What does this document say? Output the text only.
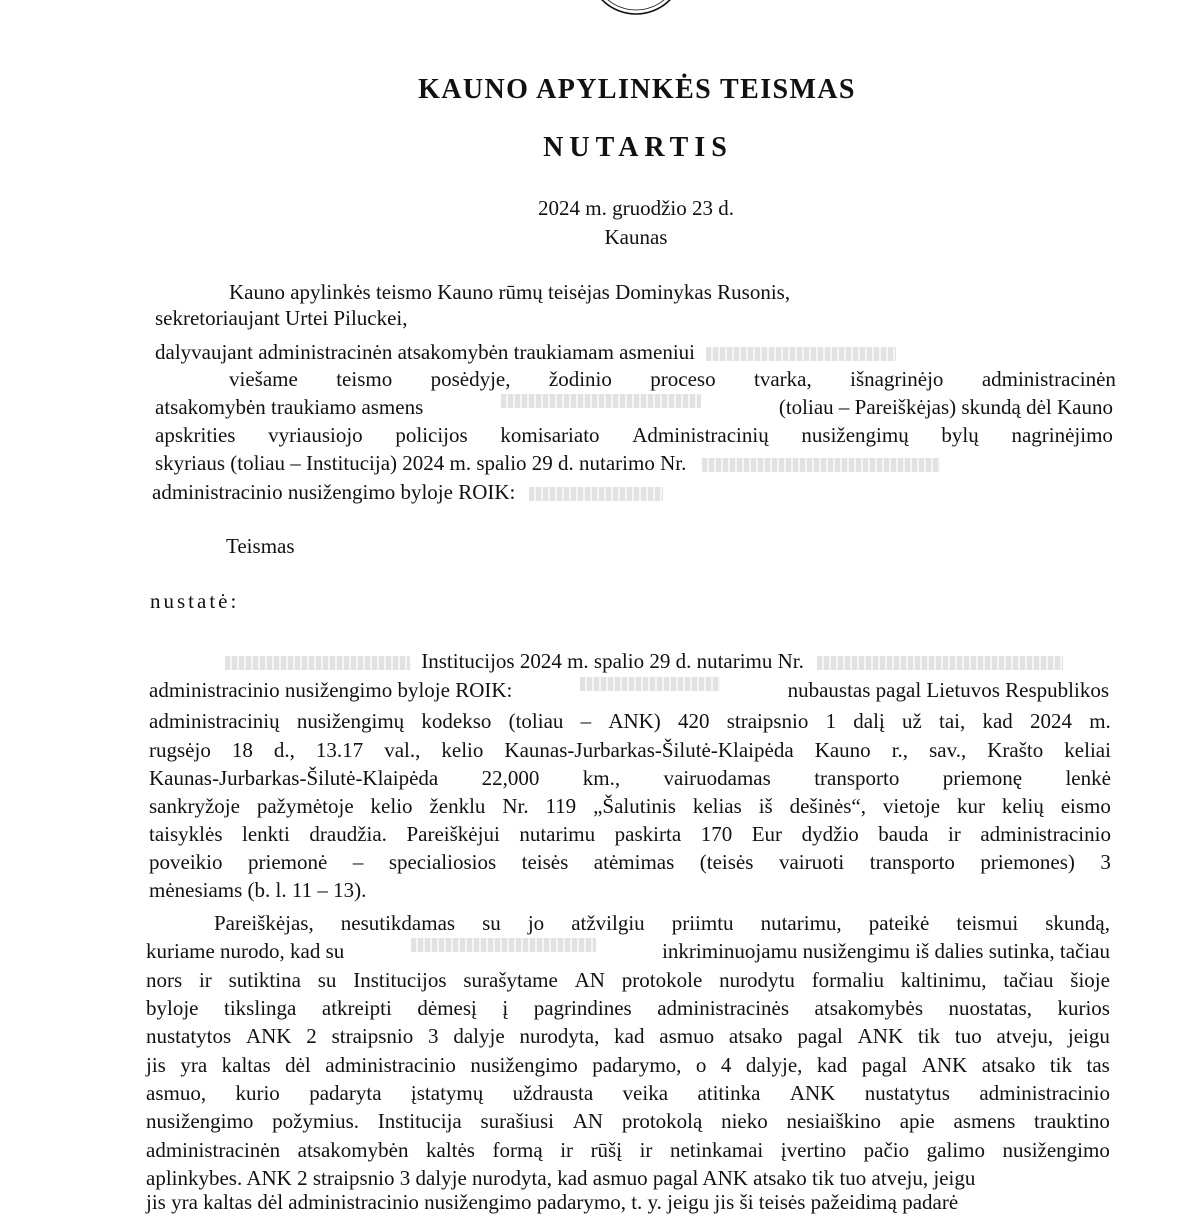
KAUNO APYLINKĖS TEISMAS
NUTARTIS
2024 m. gruodžio 23 d.
Kaunas
Kauno apylinkės teismo Kauno rūmų teisėjas Dominykas Rusonis,
sekretoriaujant Urtei Piluckei,
dalyvaujant administracinėn atsakomybėn traukiamam asmeniui
viešame teismo posėdyje, žodinio proceso tvarka, išnagrinėjo administracinėn
atsakomybėn traukiamo asmens	(toliau – Pareiškėjas) skundą dėl Kauno
apskrities vyriausiojo policijos komisariato Administracinių nusižengimų bylų nagrinėjimo
skyriaus (toliau – Institucija) 2024 m. spalio 29 d. nutarimo Nr.
administracinio nusižengimo byloje ROIK:
Teismas
nustatė:
Institucijos 2024 m. spalio 29 d. nutarimu Nr.
administracinio nusižengimo byloje ROIK:	nubaustas pagal Lietuvos Respublikos
administracinių nusižengimų kodekso (toliau – ANK) 420 straipsnio 1 dalį už tai, kad 2024 m.
rugsėjo 18 d., 13.17 val., kelio Kaunas-Jurbarkas-Šilutė-Klaipėda Kauno r., sav., Krašto keliai
Kaunas-Jurbarkas-Šilutė-Klaipėda 22,000 km., vairuodamas transporto priemonę lenkė
sankryžoje pažymėtoje kelio ženklu Nr. 119 „Šalutinis kelias iš dešinės“, vietoje kur kelių eismo
taisyklės lenkti draudžia. Pareiškėjui nutarimu paskirta 170 Eur dydžio bauda ir administracinio
poveikio priemonė – specialiosios teisės atėmimas (teisės vairuoti transporto priemones) 3
mėnesiams (b. l. 11 – 13).
Pareiškėjas, nesutikdamas su jo atžvilgiu priimtu nutarimu, pateikė teismui skundą,
kuriame nurodo, kad su	inkriminuojamu nusižengimu iš dalies sutinka, tačiau
nors ir sutiktina su Institucijos surašytame AN protokole nurodytu formaliu kaltinimu, tačiau šioje
byloje tikslinga atkreipti dėmesį į pagrindines administracinės atsakomybės nuostatas, kurios
nustatytos ANK 2 straipsnio 3 dalyje nurodyta, kad asmuo atsako pagal ANK tik tuo atveju, jeigu
jis yra kaltas dėl administracinio nusižengimo padarymo, o 4 dalyje, kad pagal ANK atsako tik tas
asmuo, kurio padaryta įstatymų uždrausta veika atitinka ANK nustatytus administracinio
nusižengimo požymius. Institucija surašiusi AN protokolą nieko nesiaiškino apie asmens trauktino
administracinėn atsakomybėn kaltės formą ir rūšį ir netinkamai įvertino pačio galimo nusižengimo
aplinkybes. ANK 2 straipsnio 3 dalyje nurodyta, kad asmuo pagal ANK atsako tik tuo atveju, jeigu
jis yra kaltas dėl administracinio nusižengimo padarymo, t. y. jeigu jis ši teisės pažeidimą padarė
